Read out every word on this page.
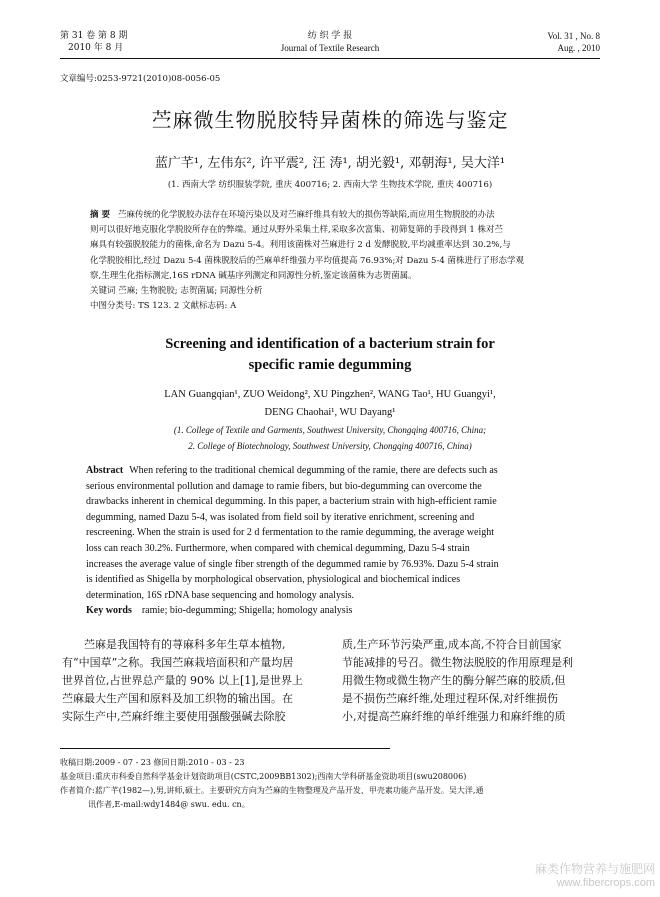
第 31 卷 第 8 期
2010 年 8 月
纺 织 学 报
Journal of Textile Research
Vol. 31 , No. 8
Aug. , 2010
文章编号:0253-9721(2010)08-0056-05
苎麻微生物脱胶特异菌株的筛选与鉴定
蓝广芊¹, 左伟东², 许平震², 汪 涛¹, 胡光毅¹, 邓朝海¹, 吴大洋¹
(1. 西南大学 纺织服装学院, 重庆 400716; 2. 西南大学 生物技术学院, 重庆 400716)

摘 要 苎麻传统的化学脱胶办法存在环境污染以及对苎麻纤维具有较大的损伤等缺陷,而应用生物脱胶的办法

则可以很好地克服化学脱胶所存在的弊端。通过从野外采集土样,采取多次富集、初筛复筛的手段得到 1 株对苎

麻具有较强脱胶能力的菌株,命名为 Dazu 5-4。利用该菌株对苎麻进行 2 d 发酵脱胶,平均减重率达到 30.2%,与

化学脱胶相比,经过 Dazu 5-4 菌株脱胶后的苎麻单纤维强力平均值提高 76.93%;对 Dazu 5-4 菌株进行了形态学观

察,生理生化指标测定,16S rDNA 碱基序列测定和同源性分析,鉴定该菌株为志贺菌属。

关键词 苎麻; 生物脱胶; 志贺菌属; 同源性分析

中图分类号: TS 123. 2 文献标志码: A

Screening and identification of a bacterium strain for
specific ramie degumming
LAN Guangqian¹, ZUO Weidong², XU Pingzhen², WANG Tao¹, HU Guangyi¹,
DENG Chaohai¹, WU Dayang¹
(1. College of Textile and Garments, Southwest University, Chongqing 400716, China;
2. College of Biotechnology, Southwest University, Chongqing 400716, China)
Abstract When refering to the traditional chemical degumming of the ramie, there are defects such as
serious environmental pollution and damage to ramie fibers, but bio-degumming can overcome the
drawbacks inherent in chemical degumming. In this paper, a bacterium strain with high-efficient ramie
degumming, named Dazu 5-4, was isolated from field soil by iterative enrichment, screening and
rescreening. When the strain is used for 2 d fermentation to the ramie degumming, the average weight
loss can reach 30.2%. Furthermore, when compared with chemical degumming, Dazu 5-4 strain
increases the average value of single fiber strength of the degummed ramie by 76.93%. Dazu 5-4 strain
is identified as Shigella by morphological observation, physiological and biochemical indices
determination, 16S rDNA base sequencing and homology analysis.
Key words ramie; bio-degumming; Shigella; homology analysis
苎麻是我国特有的荨麻科多年生草本植物,
有“中国草”之称。我国苎麻栽培面积和产量均居
世界首位,占世界总产量的 90% 以上[1],是世界上
苎麻最大生产国和原料及加工织物的输出国。在
实际生产中,苎麻纤维主要使用强酸强碱去除胶
质,生产环节污染严重,成本高,不符合目前国家
节能减排的号召。微生物法脱胶的作用原理是利
用微生物或微生物产生的酶分解苎麻的胶质,但
是不损伤苎麻纤维,处理过程环保,对纤维损伤
小,对提高苎麻纤维的单纤维强力和麻纤维的质
收稿日期:2009 - 07 - 23 修回日期:2010 - 03 - 23
基金项目:重庆市科委自然科学基金计划资助项目(CSTC,2009BB1302);西南大学科研基金资助项目(swu208006)
作者简介:蓝广芊(1982—),男,讲师,硕士。主要研究方向为苎麻的生物整理及产品开发、甲壳素功能产品开发。吴大洋,通
讯作者,E-mail:wdy1484@ swu. edu. cn。
麻类作物营养与施肥网
www.fibercrops.com
